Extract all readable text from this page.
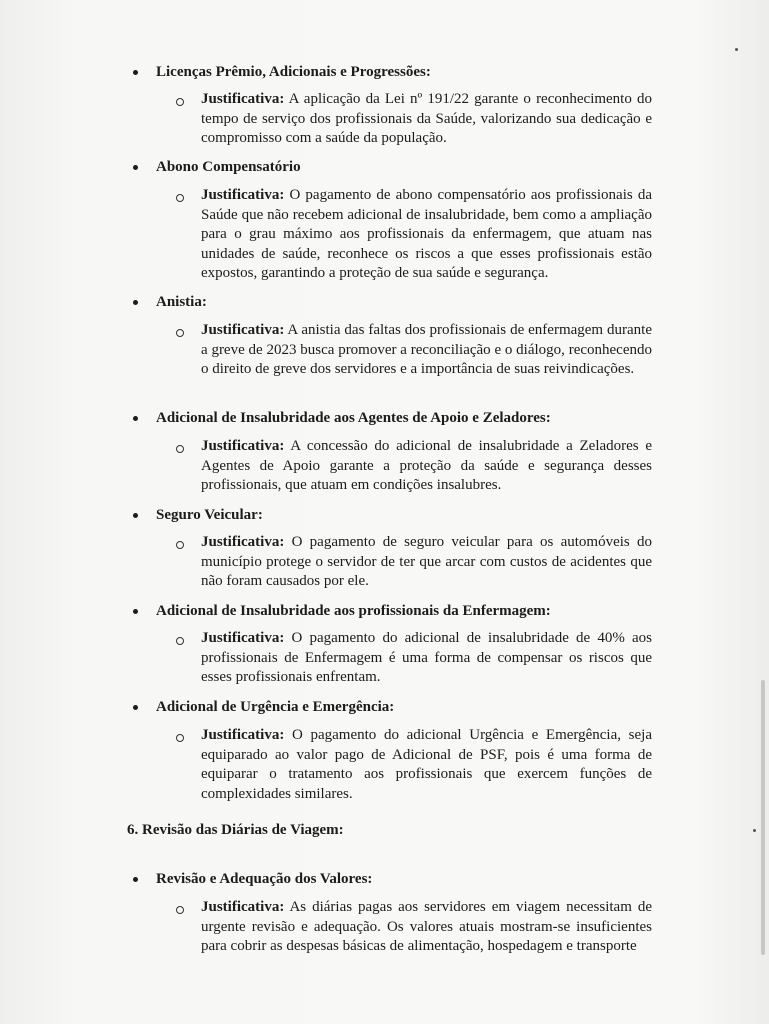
Licenças Prêmio, Adicionais e Progressões:

Justificativa: A aplicação da Lei nº 191/22 garante o reconhecimento do tempo de serviço dos profissionais da Saúde, valorizando sua dedicação e compromisso com a saúde da população.

Abono Compensatório

Justificativa: O pagamento de abono compensatório aos profissionais da Saúde que não recebem adicional de insalubridade, bem como a ampliação para o grau máximo aos profissionais da enfermagem, que atuam nas unidades de saúde, reconhece os riscos a que esses profissionais estão expostos, garantindo a proteção de sua saúde e segurança.

Anistia:

Justificativa: A anistia das faltas dos profissionais de enfermagem durante a greve de 2023 busca promover a reconciliação e o diálogo, reconhecendo o direito de greve dos servidores e a importância de suas reivindicações.

Adicional de Insalubridade aos Agentes de Apoio e Zeladores:

Justificativa: A concessão do adicional de insalubridade a Zeladores e Agentes de Apoio garante a proteção da saúde e segurança desses profissionais, que atuam em condições insalubres.

Seguro Veicular:

Justificativa: O pagamento de seguro veicular para os automóveis do município protege o servidor de ter que arcar com custos de acidentes que não foram causados por ele.

Adicional de Insalubridade aos profissionais da Enfermagem:

Justificativa: O pagamento do adicional de insalubridade de 40% aos profissionais de Enfermagem é uma forma de compensar os riscos que esses profissionais enfrentam.

Adicional de Urgência e Emergência:

Justificativa: O pagamento do adicional Urgência e Emergência, seja equiparado ao valor pago de Adicional de PSF, pois é uma forma de equiparar o tratamento aos profissionais que exercem funções de complexidades similares.

6. Revisão das Diárias de Viagem:
Revisão e Adequação dos Valores:

Justificativa: As diárias pagas aos servidores em viagem necessitam de urgente revisão e adequação. Os valores atuais mostram-se insuficientes para cobrir as despesas básicas de alimentação, hospedagem e transporte
